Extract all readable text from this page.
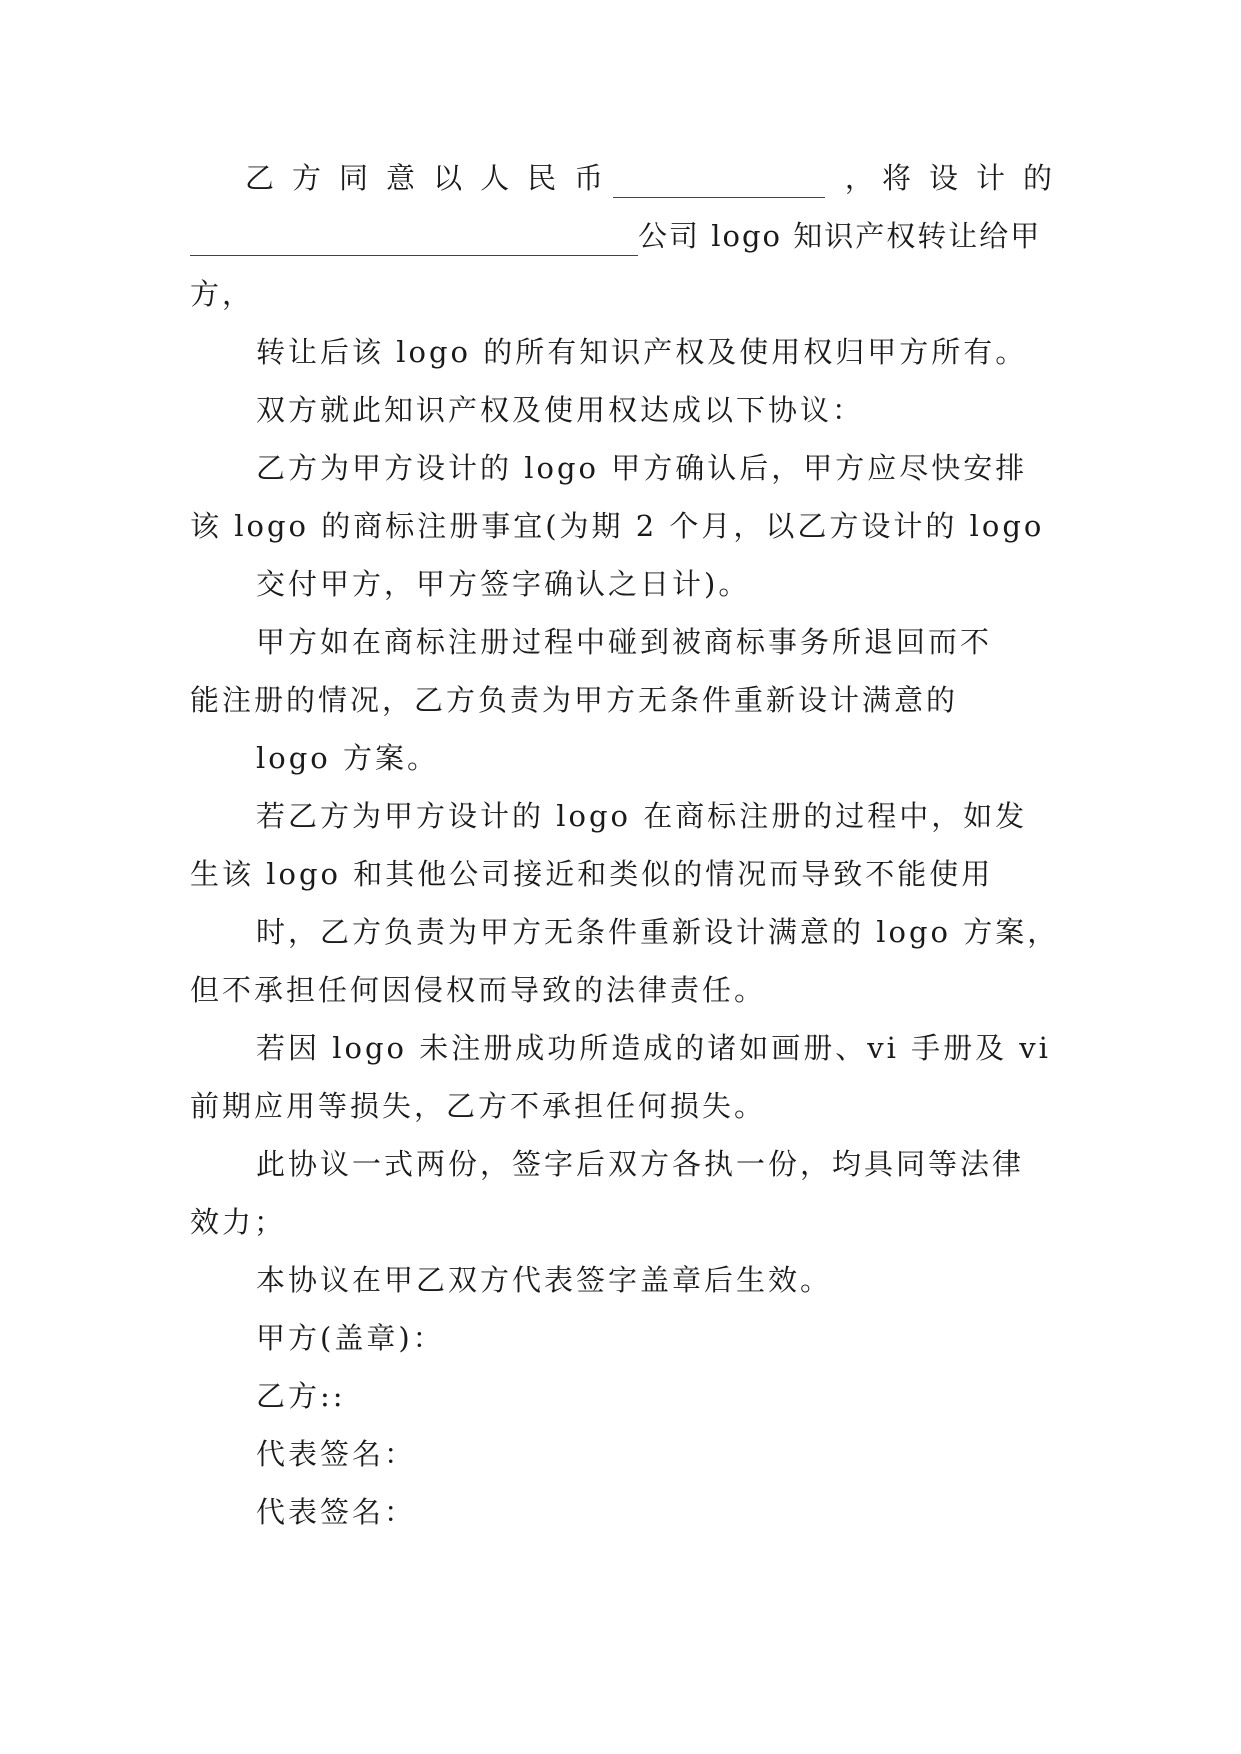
乙 方 同 意 以 人 民 币	， 将 设 计 的
公司 logo 知识产权转让给甲
方，
转让后该 logo 的所有知识产权及使用权归甲方所有。
双方就此知识产权及使用权达成以下协议：
乙方为甲方设计的 logo 甲方确认后，甲方应尽快安排
该 logo 的商标注册事宜(为期 2 个月，以乙方设计的 logo
交付甲方，甲方签字确认之日计)。
甲方如在商标注册过程中碰到被商标事务所退回而不
能注册的情况，乙方负责为甲方无条件重新设计满意的
logo 方案。
若乙方为甲方设计的 logo 在商标注册的过程中，如发
生该 logo 和其他公司接近和类似的情况而导致不能使用
时，乙方负责为甲方无条件重新设计满意的 logo 方案，
但不承担任何因侵权而导致的法律责任。
若因 logo 未注册成功所造成的诸如画册、vi 手册及 vi
前期应用等损失，乙方不承担任何损失。
此协议一式两份，签字后双方各执一份，均具同等法律
效力；
本协议在甲乙双方代表签字盖章后生效。
甲方(盖章)：
乙方::
代表签名：
代表签名：
